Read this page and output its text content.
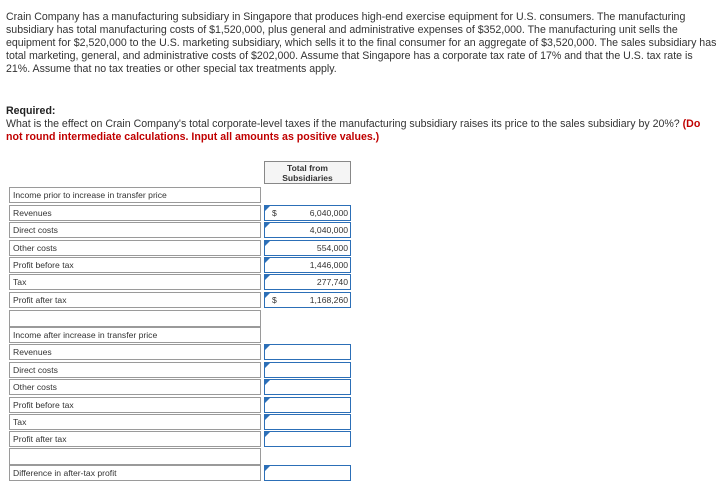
Crain Company has a manufacturing subsidiary in Singapore that produces high-end exercise equipment for U.S. consumers. The manufacturing subsidiary has total manufacturing costs of $1,520,000, plus general and administrative expenses of $352,000. The manufacturing unit sells the equipment for $2,520,000 to the U.S. marketing subsidiary, which sells it to the final consumer for an aggregate of $3,520,000. The sales subsidiary has total marketing, general, and administrative costs of $202,000. Assume that Singapore has a corporate tax rate of 17% and that the U.S. tax rate is 21%. Assume that no tax treaties or other special tax treatments apply.
Required:
What is the effect on Crain Company's total corporate-level taxes if the manufacturing subsidiary raises its price to the sales subsidiary by 20%? (Do not round intermediate calculations. Input all amounts as positive values.)
Total from Subsidiaries
Income prior to increase in transfer price
Revenues	$	6,040,000
Direct costs	4,040,000
Other costs	554,000
Profit before tax	1,446,000
Tax	277,740
Profit after tax	$	1,168,260
Income after increase in transfer price
Revenues
Direct costs
Other costs
Profit before tax
Tax
Profit after tax
Difference in after-tax profit
